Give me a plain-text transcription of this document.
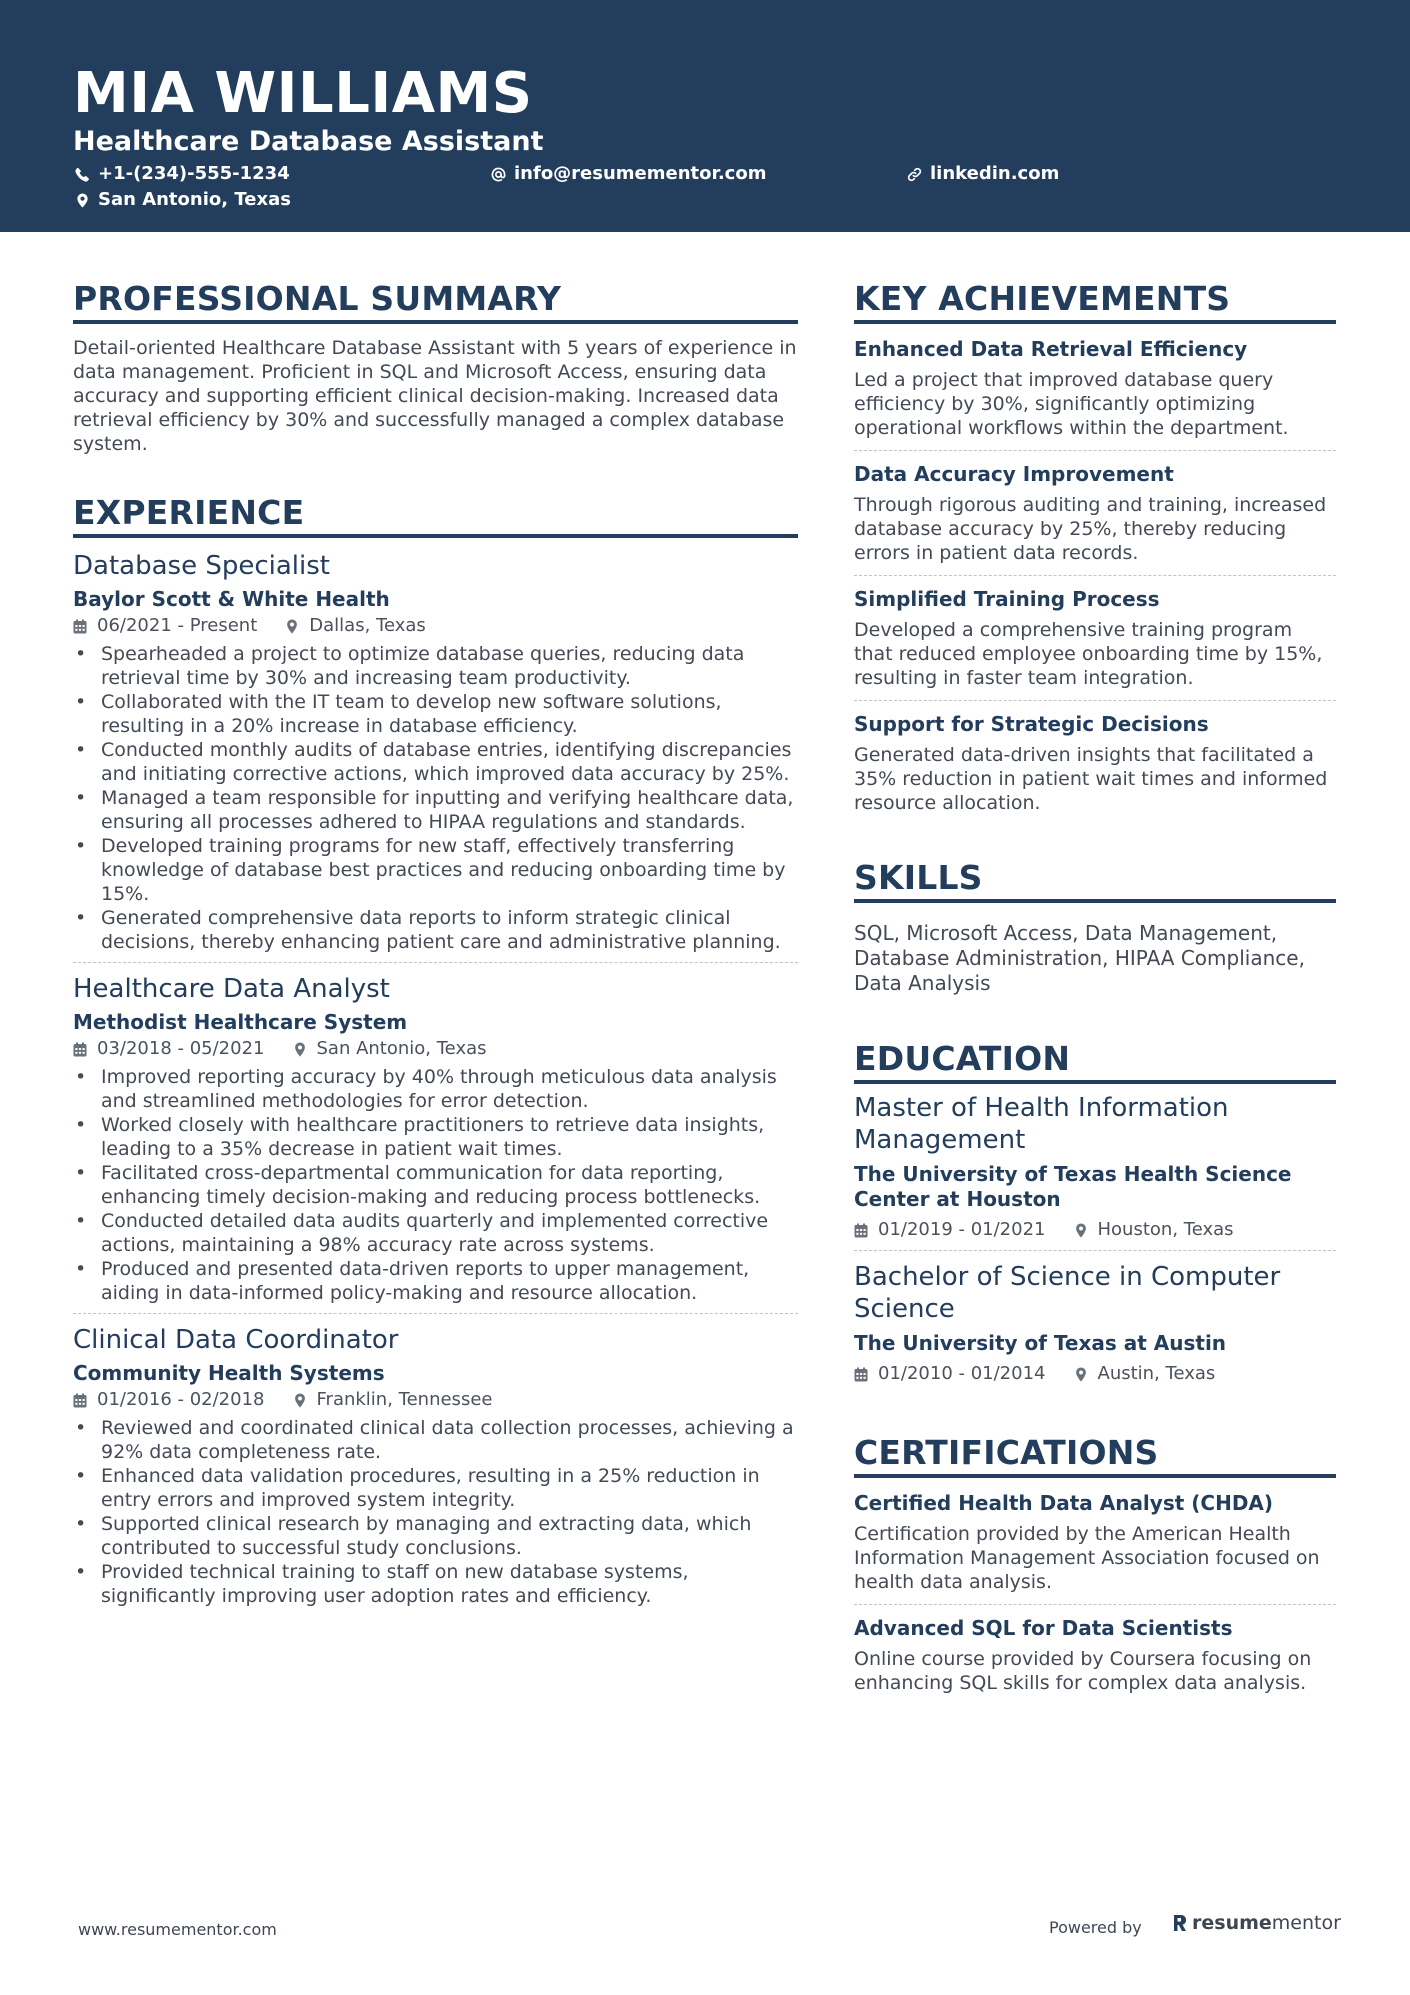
MIA WILLIAMS
Healthcare Database Assistant
+1-(234)-555-1234	info@resumementor.com	linkedin.com
San Antonio, Texas
PROFESSIONAL SUMMARY
Detail-oriented Healthcare Database Assistant with 5 years of experience in data management. Proficient in SQL and Microsoft Access, ensuring data accuracy and supporting efficient clinical decision-making. Increased data retrieval efficiency by 30% and successfully managed a complex database system.
EXPERIENCE
Database Specialist
Baylor Scott & White Health
06/2021 - Present	Dallas, Texas
• Spearheaded a project to optimize database queries, reducing data retrieval time by 30% and increasing team productivity.
• Collaborated with the IT team to develop new software solutions, resulting in a 20% increase in database efficiency.
• Conducted monthly audits of database entries, identifying discrepancies and initiating corrective actions, which improved data accuracy by 25%.
• Managed a team responsible for inputting and verifying healthcare data, ensuring all processes adhered to HIPAA regulations and standards.
• Developed training programs for new staff, effectively transferring knowledge of database best practices and reducing onboarding time by 15%.
• Generated comprehensive data reports to inform strategic clinical decisions, thereby enhancing patient care and administrative planning.
Healthcare Data Analyst
Methodist Healthcare System
03/2018 - 05/2021	San Antonio, Texas
• Improved reporting accuracy by 40% through meticulous data analysis and streamlined methodologies for error detection.
• Worked closely with healthcare practitioners to retrieve data insights, leading to a 35% decrease in patient wait times.
• Facilitated cross-departmental communication for data reporting, enhancing timely decision-making and reducing process bottlenecks.
• Conducted detailed data audits quarterly and implemented corrective actions, maintaining a 98% accuracy rate across systems.
• Produced and presented data-driven reports to upper management, aiding in data-informed policy-making and resource allocation.
Clinical Data Coordinator
Community Health Systems
01/2016 - 02/2018	Franklin, Tennessee
• Reviewed and coordinated clinical data collection processes, achieving a 92% data completeness rate.
• Enhanced data validation procedures, resulting in a 25% reduction in entry errors and improved system integrity.
• Supported clinical research by managing and extracting data, which contributed to successful study conclusions.
• Provided technical training to staff on new database systems, significantly improving user adoption rates and efficiency.
KEY ACHIEVEMENTS
Enhanced Data Retrieval Efficiency
Led a project that improved database query efficiency by 30%, significantly optimizing operational workflows within the department.
Data Accuracy Improvement
Through rigorous auditing and training, increased database accuracy by 25%, thereby reducing errors in patient data records.
Simplified Training Process
Developed a comprehensive training program that reduced employee onboarding time by 15%, resulting in faster team integration.
Support for Strategic Decisions
Generated data-driven insights that facilitated a 35% reduction in patient wait times and informed resource allocation.
SKILLS
SQL, Microsoft Access, Data Management, Database Administration, HIPAA Compliance, Data Analysis
EDUCATION
Master of Health Information Management
The University of Texas Health Science Center at Houston
01/2019 - 01/2021	Houston, Texas
Bachelor of Science in Computer Science
The University of Texas at Austin
01/2010 - 01/2014	Austin, Texas
CERTIFICATIONS
Certified Health Data Analyst (CHDA)
Certification provided by the American Health Information Management Association focused on health data analysis.
Advanced SQL for Data Scientists
Online course provided by Coursera focusing on enhancing SQL skills for complex data analysis.
www.resumementor.com	Powered by	resume mentor
